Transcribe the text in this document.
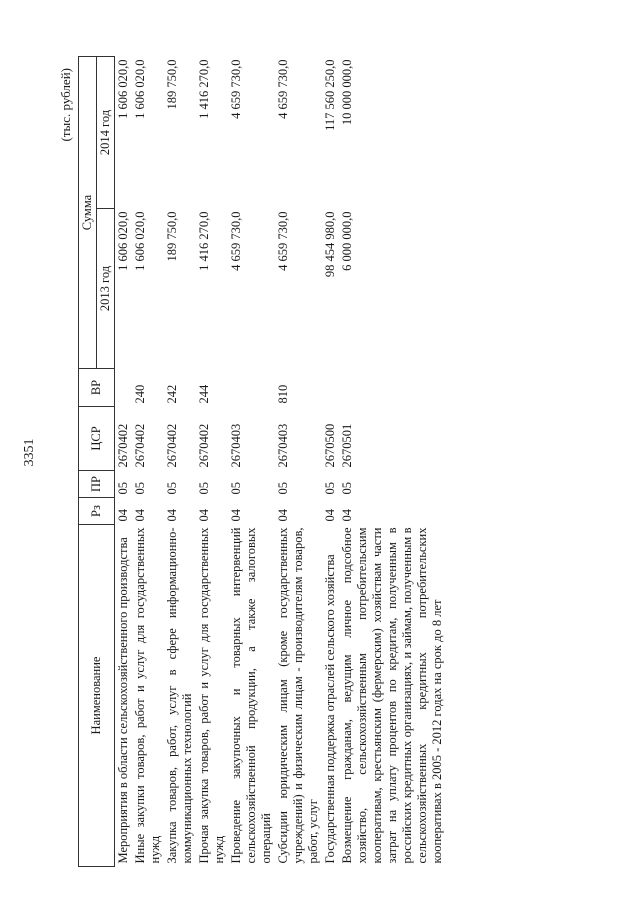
3351
(тыс. рублей)
Наименование	Рз	ПР	ЦСР	ВР	Сумма	
					2013 год	2014 год
Мероприятия в области сельскохозяйственного производства	04	05	2670402		1 606 020,0	1 606 020,0
Иные закупки товаров, работ и услуг для государственных нужд	04	05	2670402	240	1 606 020,0	1 606 020,0
Закупка товаров, работ, услуг в сфере информационно-коммуникационных технологий	04	05	2670402	242	189 750,0	189 750,0
Прочая закупка товаров, работ и услуг для государственных нужд	04	05	2670402	244	1 416 270,0	1 416 270,0
Проведение закупочных и товарных интервенций сельскохозяйственной продукции, а также залоговых операций	04	05	2670403		4 659 730,0	4 659 730,0
Субсидии юридическим лицам (кроме государственных учреждений) и физическим лицам - производителям товаров, работ, услуг	04	05	2670403	810	4 659 730,0	4 659 730,0
Государственная поддержка отраслей сельского хозяйства	04	05	2670500		98 454 980,0	117 560 250,0
Возмещение гражданам, ведущим личное подсобное хозяйство, сельскохозяйственным потребительским кооперативам, крестьянским (фермерским) хозяйствам части затрат на уплату процентов по кредитам, полученным в российских кредитных организациях, и займам, полученным в сельскохозяйственных кредитных потребительских кооперативах в 2005 - 2012 годах на срок до 8 лет	04	05	2670501		6 000 000,0	10 000 000,0
